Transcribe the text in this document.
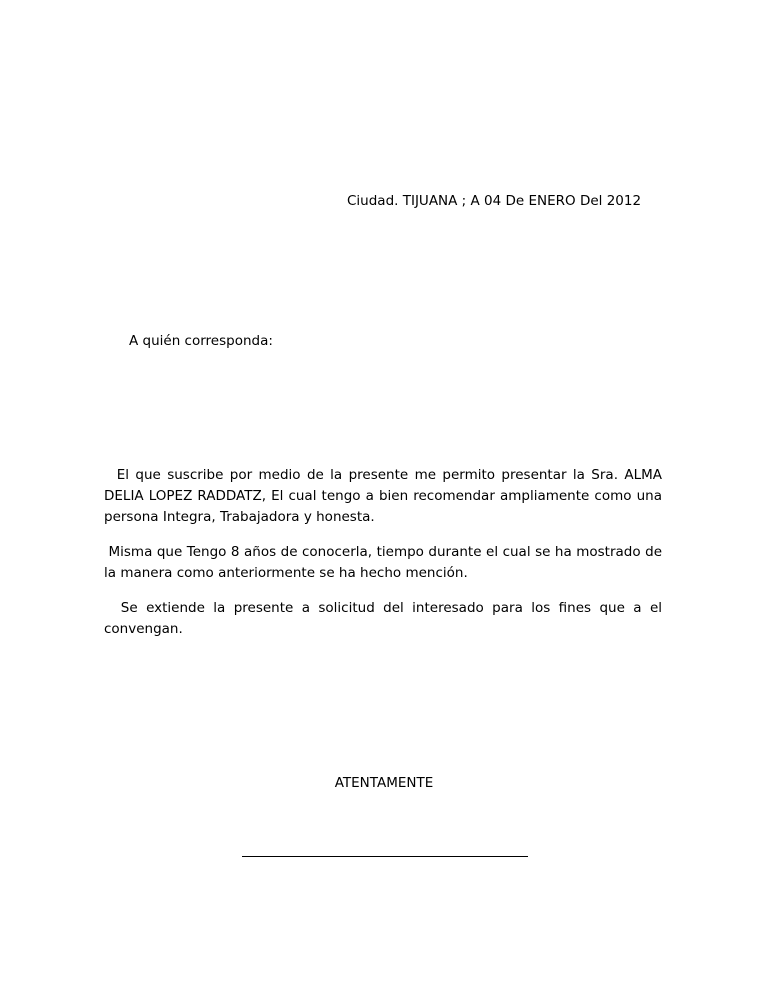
Ciudad. TIJUANA ; A 04 De ENERO Del 2012
A quién corresponda:

El que suscribe por medio de la presente me permito presentar la Sra. ALMA DELIA LOPEZ RADDATZ, El cual tengo a bien recomendar ampliamente como una persona Integra, Trabajadora y honesta.

Misma que Tengo 8 años de conocerla, tiempo durante el cual se ha mostrado de la manera como anteriormente se ha hecho mención.

Se extiende la presente a solicitud del interesado para los fines que a el convengan.

ATENTAMENTE
